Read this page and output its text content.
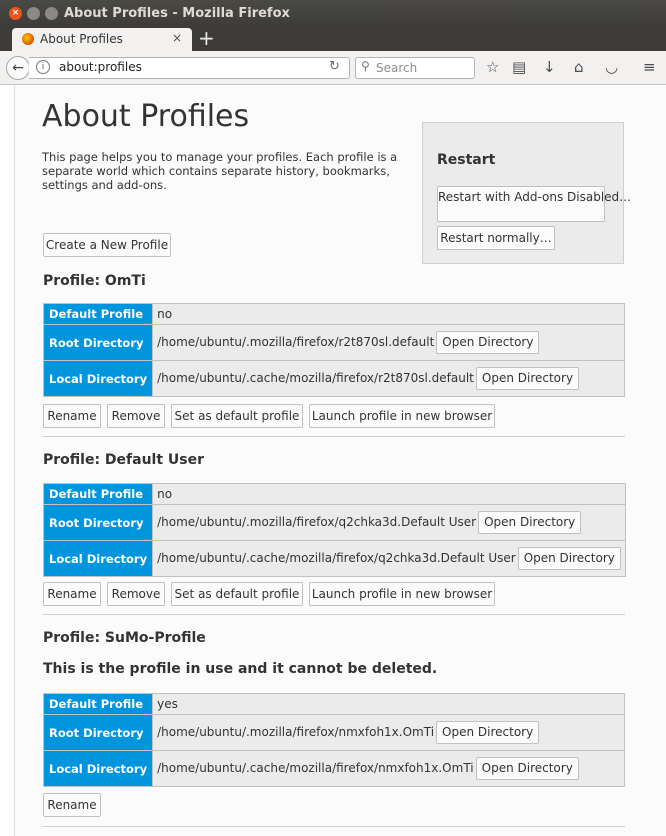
×	About Profiles - Mozilla Firefox
About Profiles	× +
←	i	about:profiles	↻ ⚲ Search	☆ ▤ ↓ ⌂ ◡ ≡
About Profiles
This page helps you to manage your profiles. Each profile is a separate world which contains separate history, bookmarks, settings and add-ons.
Restart
Restart with Add-ons Disabled…
Restart normally…
Create a New Profile
Profile: OmTi
Default Profile	no
Root Directory	/home/ubuntu/.mozilla/firefox/r2t870sl.default Open Directory
Local Directory	/home/ubuntu/.cache/mozilla/firefox/r2t870sl.default Open Directory
Rename	Remove	Set as default profile Launch profile in new browser
Profile: Default User
Default Profile	no
Root Directory	/home/ubuntu/.mozilla/firefox/q2chka3d.Default User Open Directory
Local Directory	/home/ubuntu/.cache/mozilla/firefox/q2chka3d.Default User Open Directory
Rename	Remove	Set as default profile Launch profile in new browser
Profile: SuMo-Profile
This is the profile in use and it cannot be deleted.
Default Profile	yes
Root Directory	/home/ubuntu/.mozilla/firefox/nmxfoh1x.OmTi Open Directory
Local Directory	/home/ubuntu/.cache/mozilla/firefox/nmxfoh1x.OmTi Open Directory
Rename
